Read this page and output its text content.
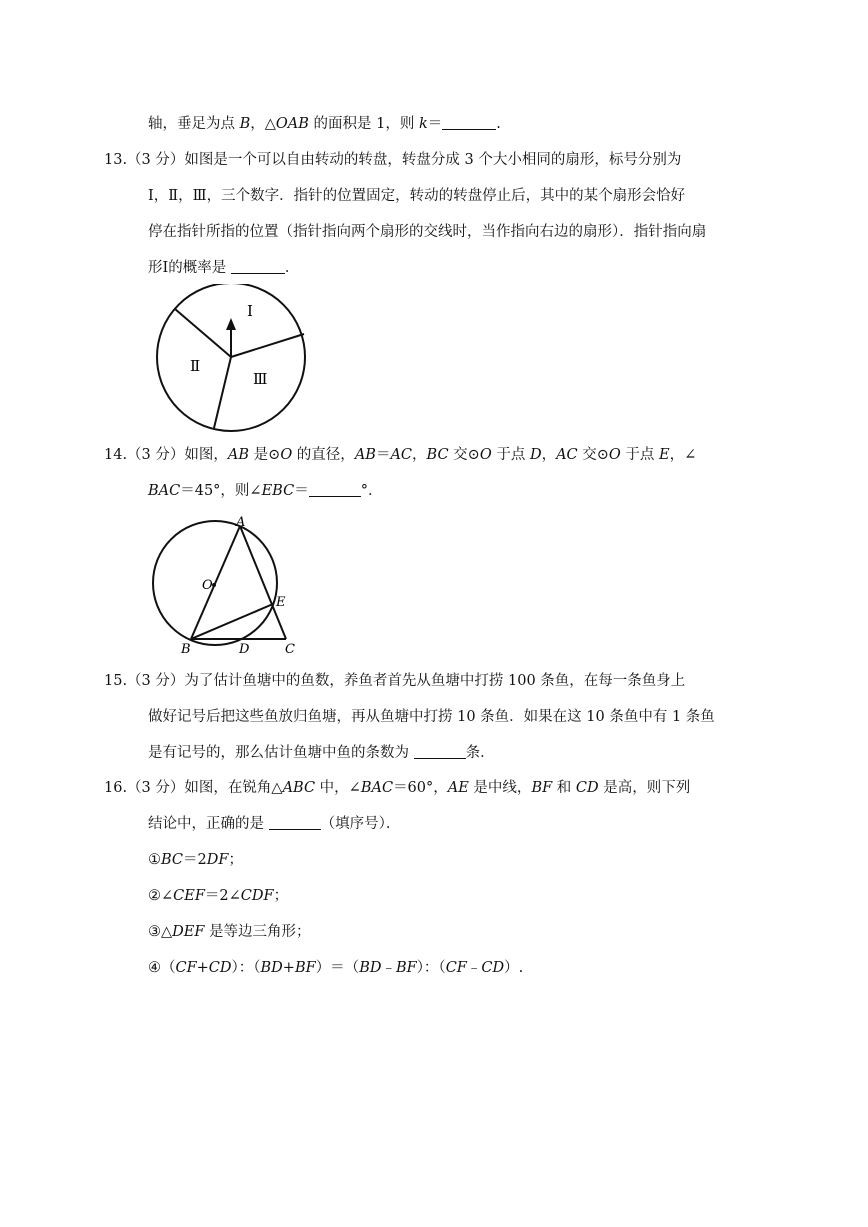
轴，垂足为点 B，△OAB 的面积是 1，则 k＝	.
13.（3 分）如图是一个可以自由转动的转盘，转盘分成 3 个大小相同的扇形，标号分别为
Ⅰ，Ⅱ，Ⅲ，三个数字．指针的位置固定，转动的转盘停止后，其中的某个扇形会恰好
停在指针所指的位置（指针指向两个扇形的交线时，当作指向右边的扇形）．指针指向扇
形Ⅰ的概率是	．
Ⅰ
Ⅱ
Ⅲ
14.（3 分）如图，AB 是⊙O 的直径，AB＝AC，BC 交⊙O 于点 D，AC 交⊙O 于点 E，∠
BAC＝45°，则∠EBC＝	°．
A
O
E
B	D	C
15.（3 分）为了估计鱼塘中的鱼数，养鱼者首先从鱼塘中打捞 100 条鱼，在每一条鱼身上
做好记号后把这些鱼放归鱼塘，再从鱼塘中打捞 10 条鱼．如果在这 10 条鱼中有 1 条鱼
是有记号的，那么估计鱼塘中鱼的条数为	条．
16.（3 分）如图，在锐角△ABC 中，∠BAC＝60°，AE 是中线，BF 和 CD 是高，则下列
结论中，正确的是	（填序号）．
①BC＝2DF；
②∠CEF＝2∠CDF；
③△DEF 是等边三角形；
④（CF+CD）：（BD+BF）＝（BD﹣BF）：（CF﹣CD）.
